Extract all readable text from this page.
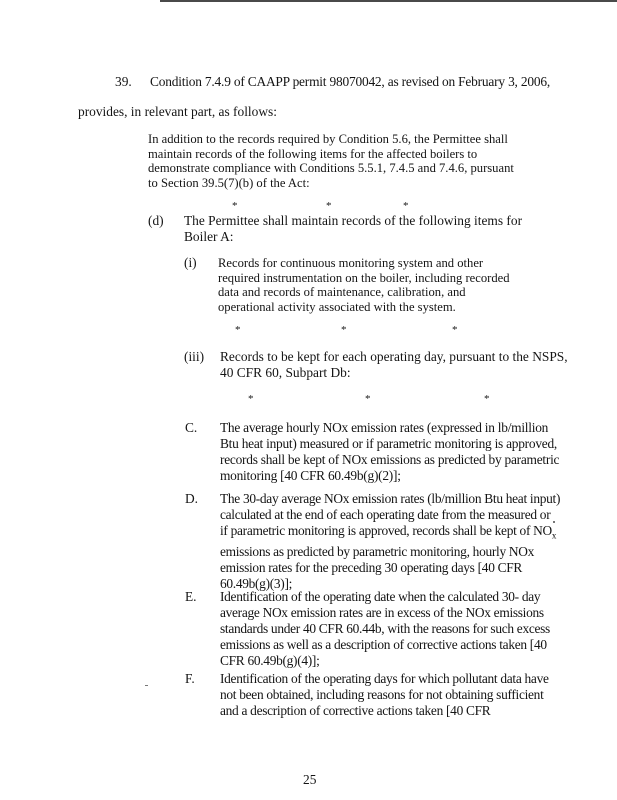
39. Condition 7.4.9 of CAAPP permit 98070042, as revised on February 3, 2006,
provides, in relevant part, as follows:
In addition to the records required by Condition 5.6, the Permittee shall
maintain records of the following items for the affected boilers to
demonstrate compliance with Conditions 5.5.1, 7.4.5 and 7.4.6, pursuant
to Section 39.5(7)(b) of the Act:
*	*	*
(d) The Permittee shall maintain records of the following items for
Boiler A:
(i) Records for continuous monitoring system and other
required instrumentation on the boiler, including recorded
data and records of maintenance, calibration, and
operational activity associated with the system.
*	*	*
(iii) Records to be kept for each operating day, pursuant to the NSPS,
40 CFR 60, Subpart Db:
*	*	*
C. The average hourly NOx emission rates (expressed in lb/million
Btu heat input) measured or if parametric monitoring is approved,
records shall be kept of NOx emissions as predicted by parametric
monitoring [40 CFR 60.49b(g)(2)];
D. The 30-day average NOx emission rates (lb/million Btu heat input)
calculated at the end of each operating date from the measured or
if parametric monitoring is approved, records shall be kept of $NO_x$
emissions as predicted by parametric monitoring, hourly NOx
emission rates for the preceding 30 operating days [40 CFR
60.49b(g)(3)];
E. Identification of the operating date when the calculated 30- day
average NOx emission rates are in excess of the NOx emissions
standards under 40 CFR 60.44b, with the reasons for such excess
emissions as well as a description of corrective actions taken [40
CFR 60.49b(g)(4)];
F. Identification of the operating days for which pollutant data have
not been obtained, including reasons for not obtaining sufficient
and a description of corrective actions taken [40 CFR
25
